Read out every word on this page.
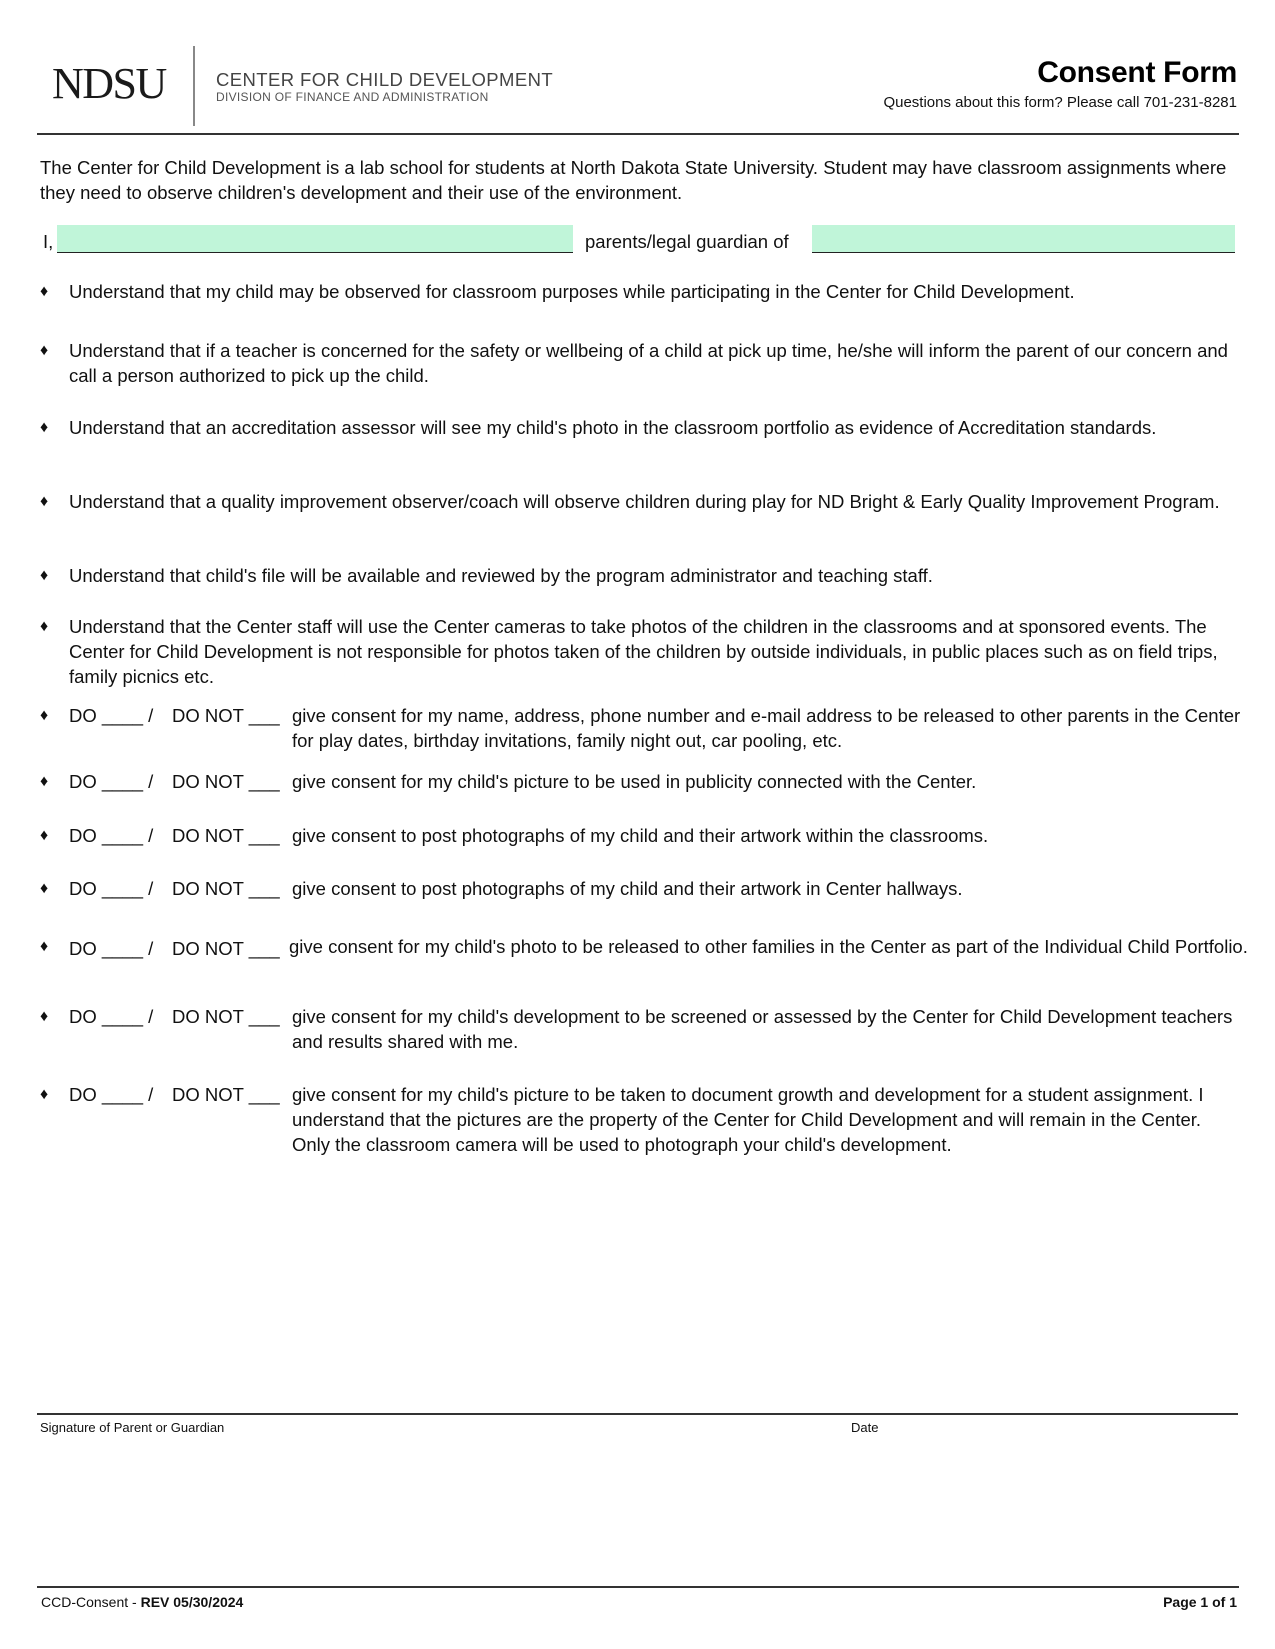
NDSU	CENTER FOR CHILD DEVELOPMENT
DIVISION OF FINANCE AND ADMINISTRATION
Consent Form
Questions about this form? Please call 701-231-8281
The Center for Child Development is a lab school for students at North Dakota State University. Student may have classroom assignments where they need to observe children's development and their use of the environment.
I,	parents/legal guardian of
♦ Understand that my child may be observed for classroom purposes while participating in the Center for Child Development.
♦ Understand that if a teacher is concerned for the safety or wellbeing of a child at pick up time, he/she will inform the parent of our concern and call a person authorized to pick up the child.
♦ Understand that an accreditation assessor will see my child's photo in the classroom portfolio as evidence of Accreditation standards.
♦ Understand that a quality improvement observer/coach will observe children during play for ND Bright & Early Quality Improvement Program.
♦ Understand that child's file will be available and reviewed by the program administrator and teaching staff.
♦ Understand that the Center staff will use the Center cameras to take photos of the children in the classrooms and at sponsored events. The Center for Child Development is not responsible for photos taken of the children by outside individuals, in public places such as on field trips, family picnics etc.
♦ DO ____ / DO NOT ___ give consent for my name, address, phone number and e-mail address to be released to other parents in the Center for play dates, birthday invitations, family night out, car pooling, etc.
♦ DO ____ / DO NOT ___ give consent for my child's picture to be used in publicity connected with the Center.
♦ DO ____ / DO NOT ___ give consent to post photographs of my child and their artwork within the classrooms.
♦ DO ____ / DO NOT ___ give consent to post photographs of my child and their artwork in Center hallways.
♦ DO ____ / DO NOT ___ give consent for my child's photo to be released to other families in the Center as part of the Individual Child Portfolio.
♦ DO ____ / DO NOT ___ give consent for my child's development to be screened or assessed by the Center for Child Development teachers and results shared with me.
♦ DO ____ / DO NOT ___ give consent for my child's picture to be taken to document growth and development for a student assignment. I understand that the pictures are the property of the Center for Child Development and will remain in the Center. Only the classroom camera will be used to photograph your child's development.
Signature of Parent or Guardian	Date
CCD-Consent - REV 05/30/2024	Page 1 of 1
